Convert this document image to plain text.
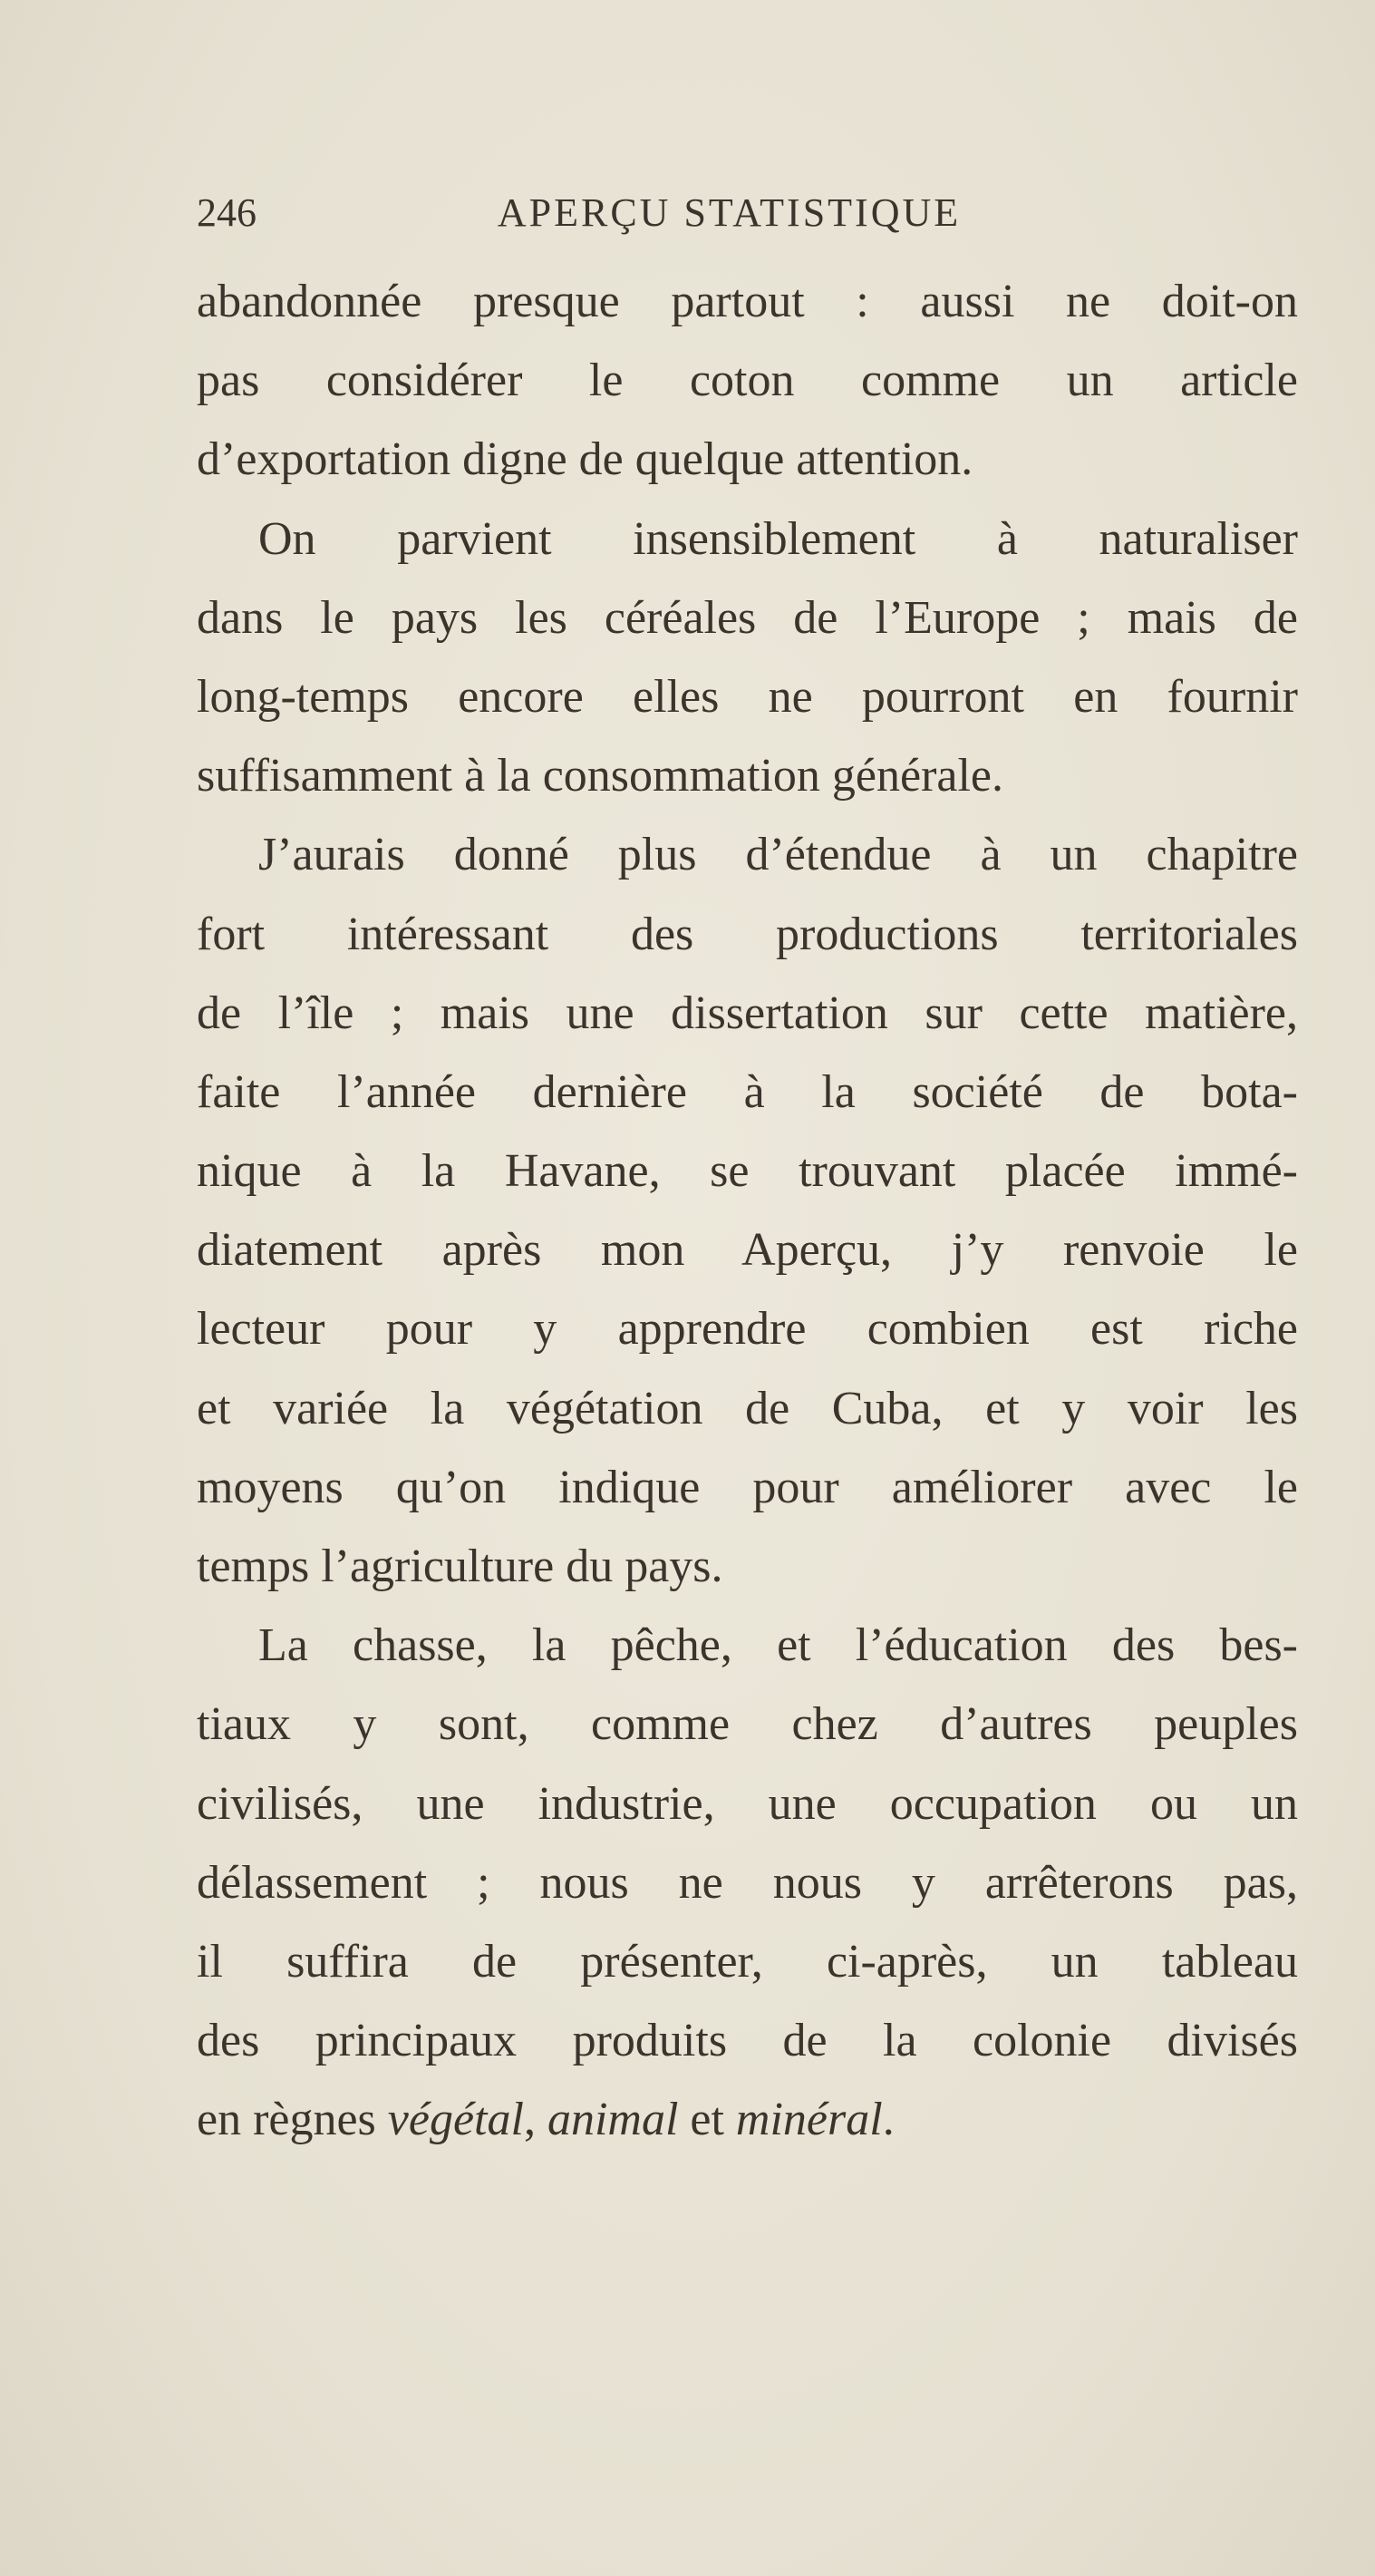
246	APERÇU STATISTIQUE
abandonnée presque partout : aussi ne doit-on
pas considérer le coton comme un article
d’exportation digne de quelque attention.
On parvient insensiblement à naturaliser
dans le pays les céréales de l’Europe ; mais de
long-temps encore elles ne pourront en fournir
suffisamment à la consommation générale.
J’aurais donné plus d’étendue à un chapitre
fort intéressant des productions territoriales
de l’île ; mais une dissertation sur cette matière,
faite l’année dernière à la société de bota-
nique à la Havane, se trouvant placée immé-
diatement après mon Aperçu, j’y renvoie le
lecteur pour y apprendre combien est riche
et variée la végétation de Cuba, et y voir les
moyens qu’on indique pour améliorer avec le
temps l’agriculture du pays.
La chasse, la pêche, et l’éducation des bes-
tiaux y sont, comme chez d’autres peuples
civilisés, une industrie, une occupation ou un
délassement ; nous ne nous y arrêterons pas,
il suffira de présenter, ci-après, un tableau
des principaux produits de la colonie divisés
en règnes végétal, animal et minéral.
